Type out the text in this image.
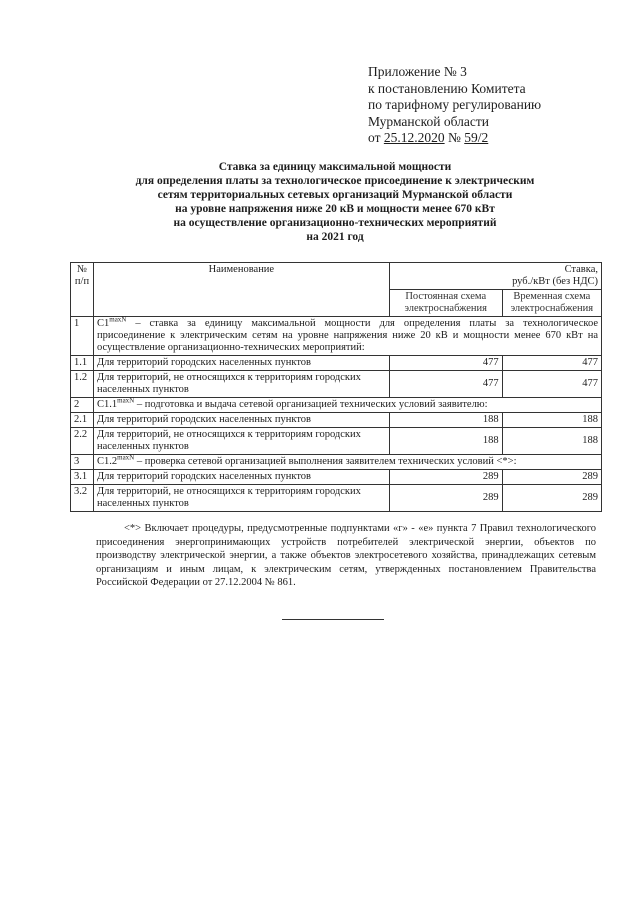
Приложение № 3
к постановлению Комитета
по тарифному регулированию
Мурманской области
от 25.12.2020 № 59/2
Ставка за единицу максимальной мощности
для определения платы за технологическое присоединение к электрическим
сетям территориальных сетевых организаций Мурманской области
на уровне напряжения ниже 20 кВ и мощности менее 670 кВт
на осуществление организационно-технических мероприятий
на 2021 год
№
п/п	Наименование	Ставка,
руб./кВт (без НДС)	
		Постоянная схема электроснабжения	Временная схема электроснабжения
1	$С1^{maxN}$ – ставка за единицу максимальной мощности для определения платы за технологическое присоединение к электрическим сетям на уровне напряжения ниже 20 кВ и мощности менее 670 кВт на осуществление организационно-технических мероприятий:		
1.1	Для территорий городских населенных пунктов	477	477
1.2	Для территорий, не относящихся к территориям городских населенных пунктов	477	477
2	$С1.1^{maxN}$ – подготовка и выдача сетевой организацией технических условий заявителю:		
2.1	Для территорий городских населенных пунктов	188	188
2.2	Для территорий, не относящихся к территориям городских населенных пунктов	188	188
3	$С1.2^{maxN}$ – проверка сетевой организацией выполнения заявителем технических условий <*>:		
3.1	Для территорий городских населенных пунктов	289	289
3.2	Для территорий, не относящихся к территориям городских населенных пунктов	289	289
<*> Включает процедуры, предусмотренные подпунктами «г» - «е» пункта 7 Правил технологического присоединения энергопринимающих устройств потребителей электрической энергии, объектов по производству электрической энергии, а также объектов электросетевого хозяйства, принадлежащих сетевым организациям и иным лицам, к электрическим сетям, утвержденных постановлением Правительства Российской Федерации от 27.12.2004 № 861.
